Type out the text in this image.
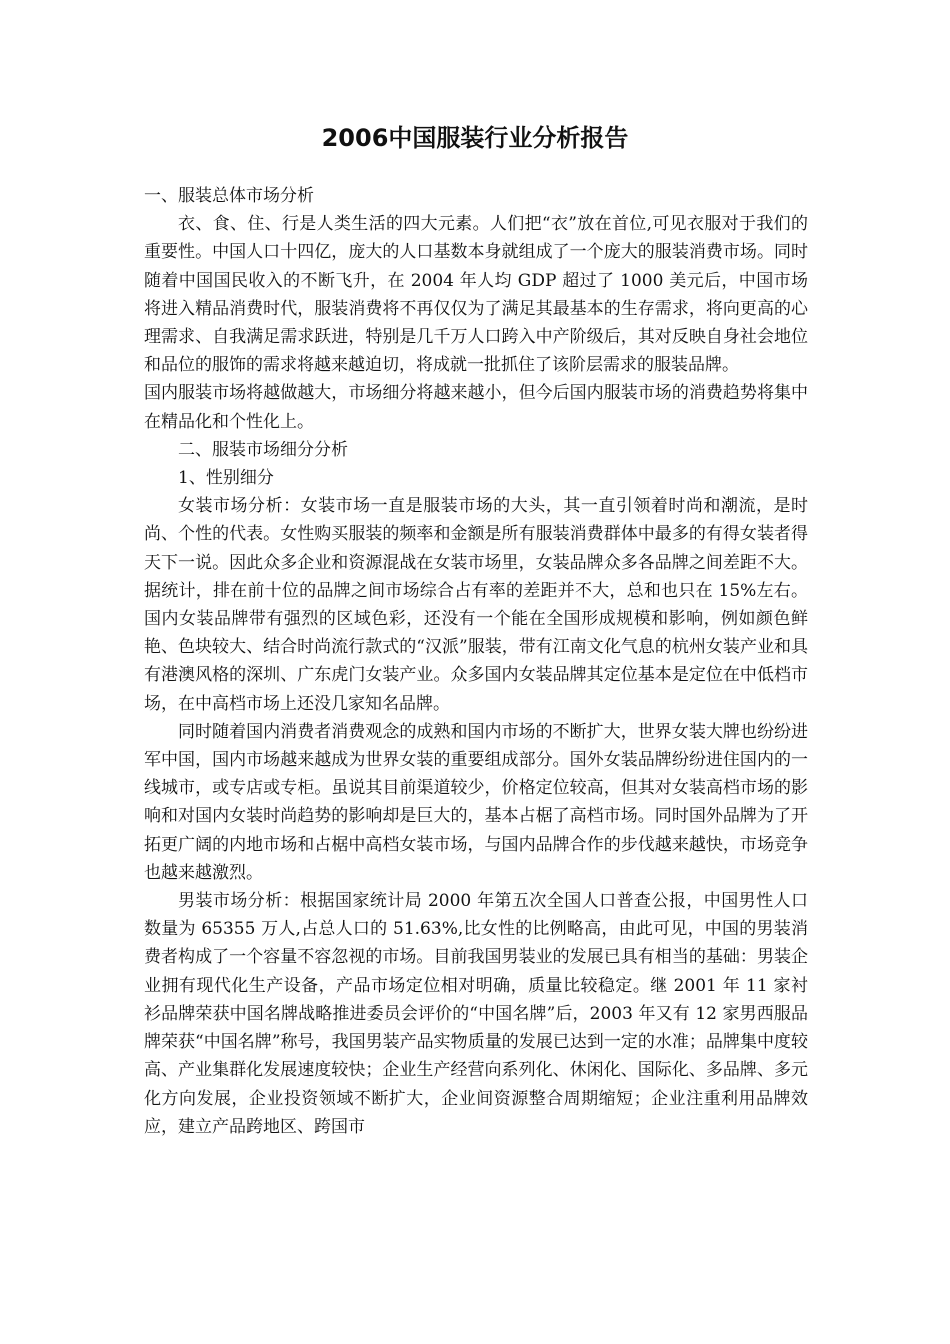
2006中国服装行业分析报告

一、服装总体市场分析

衣、食、住、行是人类生活的四大元素。人们把“衣”放在首位,可见衣服对于我们的重要性。中国人口十四亿，庞大的人口基数本身就组成了一个庞大的服装消费市场。同时随着中国国民收入的不断飞升，在 2004 年人均 GDP 超过了 1000 美元后，中国市场将进入精品消费时代，服装消费将不再仅仅为了满足其最基本的生存需求，将向更高的心理需求、自我满足需求跃进，特别是几千万人口跨入中产阶级后，其对反映自身社会地位和品位的服饰的需求将越来越迫切，将成就一批抓住了该阶层需求的服装品牌。

国内服装市场将越做越大，市场细分将越来越小，但今后国内服装市场的消费趋势将集中在精品化和个性化上。

二、服装市场细分分析

1、性别细分

女装市场分析：女装市场一直是服装市场的大头，其一直引领着时尚和潮流，是时尚、个性的代表。女性购买服装的频率和金额是所有服装消费群体中最多的有得女装者得天下一说。因此众多企业和资源混战在女装市场里，女装品牌众多各品牌之间差距不大。据统计，排在前十位的品牌之间市场综合占有率的差距并不大，总和也只在 15%左右。国内女装品牌带有强烈的区域色彩，还没有一个能在全国形成规模和影响，例如颜色鲜艳、色块较大、结合时尚流行款式的“汉派”服装，带有江南文化气息的杭州女装产业和具有港澳风格的深圳、广东虎门女装产业。众多国内女装品牌其定位基本是定位在中低档市场，在中高档市场上还没几家知名品牌。

同时随着国内消费者消费观念的成熟和国内市场的不断扩大，世界女装大牌也纷纷进军中国，国内市场越来越成为世界女装的重要组成部分。国外女装品牌纷纷进住国内的一线城市，或专店或专柜。虽说其目前渠道较少，价格定位较高，但其对女装高档市场的影响和对国内女装时尚趋势的影响却是巨大的，基本占椐了高档市场。同时国外品牌为了开拓更广阔的内地市场和占椐中高档女装市场，与国内品牌合作的步伐越来越快，市场竞争也越来越激烈。

男装市场分析：根据国家统计局 2000 年第五次全国人口普查公报，中国男性人口数量为 65355 万人,占总人口的 51.63%,比女性的比例略高，由此可见，中国的男装消费者构成了一个容量不容忽视的市场。目前我国男装业的发展已具有相当的基础：男装企业拥有现代化生产设备，产品市场定位相对明确，质量比较稳定。继 2001 年 11 家衬衫品牌荣获中国名牌战略推进委员会评价的“中国名牌”后，2003 年又有 12 家男西服品牌荣获“中国名牌”称号，我国男装产品实物质量的发展已达到一定的水准；品牌集中度较高、产业集群化发展速度较快；企业生产经营向系列化、休闲化、国际化、多品牌、多元化方向发展，企业投资领域不断扩大，企业间资源整合周期缩短；企业注重利用品牌效应，建立产品跨地区、跨国市
